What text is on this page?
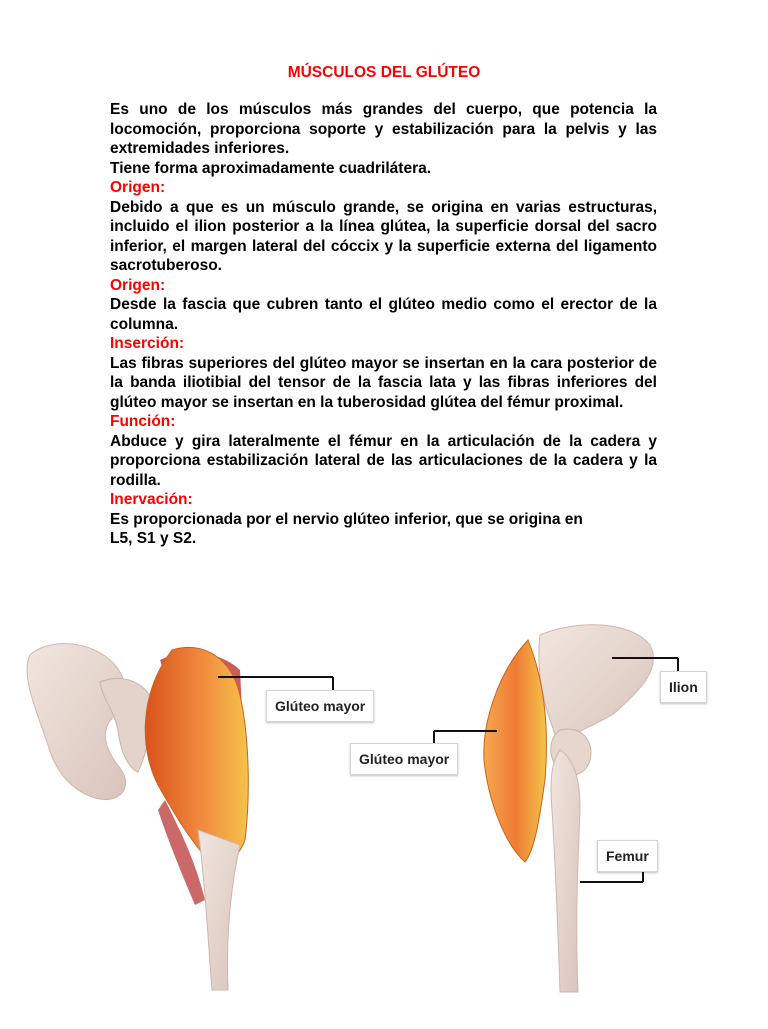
MÚSCULOS DEL GLÚTEO

Es uno de los músculos más grandes del cuerpo, que potencia la locomoción, proporciona soporte y estabilización para la pelvis y las extremidades inferiores.

Tiene forma aproximadamente cuadrilátera.

Origen:

Debido a que es un músculo grande, se origina en varias estructuras, incluido el ilion posterior a la línea glútea, la superficie dorsal del sacro inferior, el margen lateral del cóccix y la superficie externa del ligamento sacrotuberoso.

Origen:

Desde la fascia que cubren tanto el glúteo medio como el erector de la columna.

Inserción:

Las fibras superiores del glúteo mayor se insertan en la cara posterior de la banda iliotibial del tensor de la fascia lata y las fibras inferiores del glúteo mayor se insertan en la tuberosidad glútea del fémur proximal.

Función:

Abduce y gira lateralmente el fémur en la articulación de la cadera y proporciona estabilización lateral de las articulaciones de la cadera y la rodilla.

Inervación:

Es proporcionada por el nervio glúteo inferior, que se origina en

L5, S1 y S2.

Glúteo mayor
Glúteo mayor
Ilion
Femur
